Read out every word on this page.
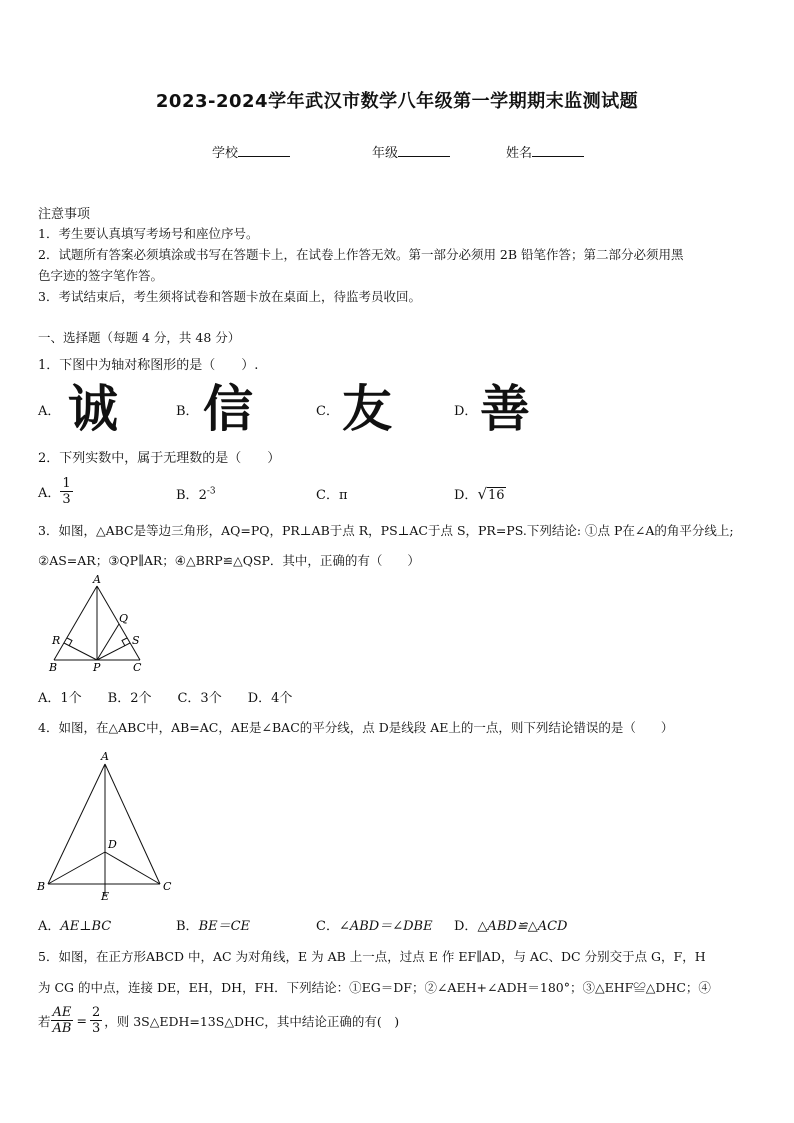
2023-2024学年武汉市数学八年级第一学期期末监测试题
学校	年级	姓名
注意事项
1．考生要认真填写考场号和座位序号。
2．试题所有答案必须填涂或书写在答题卡上，在试卷上作答无效。第一部分必须用 2B 铅笔作答；第二部分必须用黑
色字迹的签字笔作答。
3．考试结束后，考生须将试卷和答题卡放在桌面上，待监考员收回。
一、选择题（每题 4 分，共 48 分）
1．下图中为轴对称图形的是（　　）.
A． 诚	B． 信	C． 友	D． 善
2．下列实数中，属于无理数的是（　　）
A． $\frac{1}{3}$	B．$2^{-3}$	C．π	D．√16
3．如图，△ABC是等边三角形，AQ=PQ，PR⊥AB于点 R，PS⊥AC于点 S，PR=PS.下列结论: ①点 P在∠A的角平分线上;
②AS=AR；③QP∥AR；④△BRP≌△QSP．其中，正确的有（　　）
A
B	P	C
Q
R	S
A．1个　　B．2个　　C．3个　　D．4个
4．如图，在△ABC中，AB=AC，AE是∠BAC的平分线，点 D是线段 AE上的一点，则下列结论错误的是（　　）
A
B	C
D
E
A．AE⊥BC	B．BE＝CE	C．∠ABD＝∠DBE D．△ABD≌△ACD
5．如图，在正方形ABCD 中，AC 为对角线，E 为 AB 上一点，过点 E 作 EF∥AD，与 AC、DC 分别交于点 G，F，H
为 CG 的中点，连接 DE，EH，DH，FH．下列结论：①EG＝DF；②∠AEH+∠ADH＝180°；③△EHF≌△DHC；④
若 $\frac{AE}{AB} = \frac{2}{3}$ ，则 3S△EDH=13S△DHC，其中结论正确的有(　)
